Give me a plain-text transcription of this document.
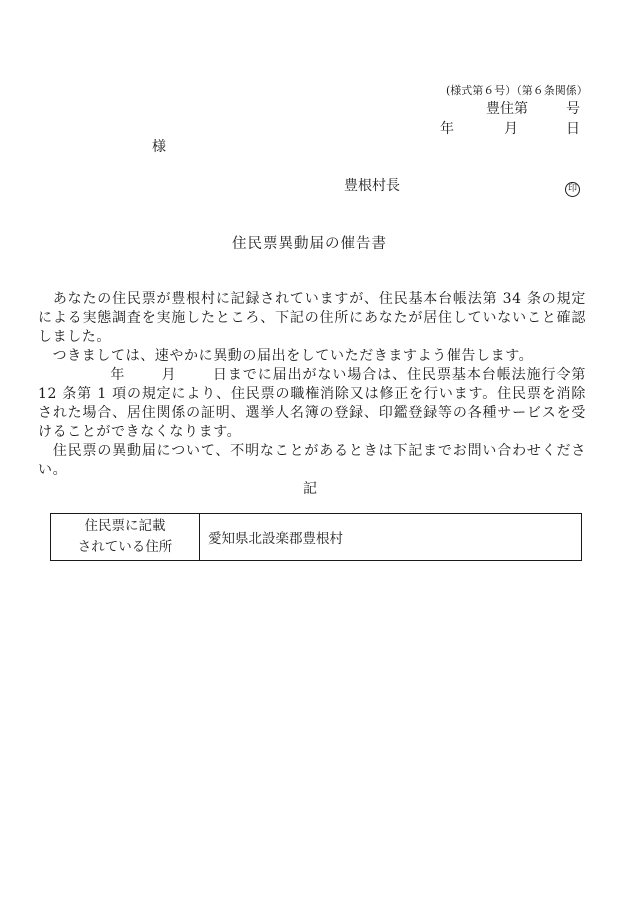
(様式第６号）（第６条関係）
豊住第	号
年	月	日
様
豊根村長	印
住民票異動届の催告書

　あなたの住民票が豊根村に記録されていますが、住民基本台帳法第 34 条の規定による実態調査を実施したところ、下記の住所にあなたが居住していないこと確認しました。

　つきましては、速やかに異動の届出をしていただきますよう催告します。

年	月	日までに届出がない場合は、住民票基本台帳法施行令第 12 条第 1 項の規定により、住民票の職権消除又は修正を行います。住民票を消除された場合、居住関係の証明、選挙人名簿の登録、印鑑登録等の各種サービスを受けることができなくなります。

　住民票の異動届について、不明なことがあるときは下記までお問い合わせください。

記
住民票に記載
されている住所	愛知県北設楽郡豊根村
